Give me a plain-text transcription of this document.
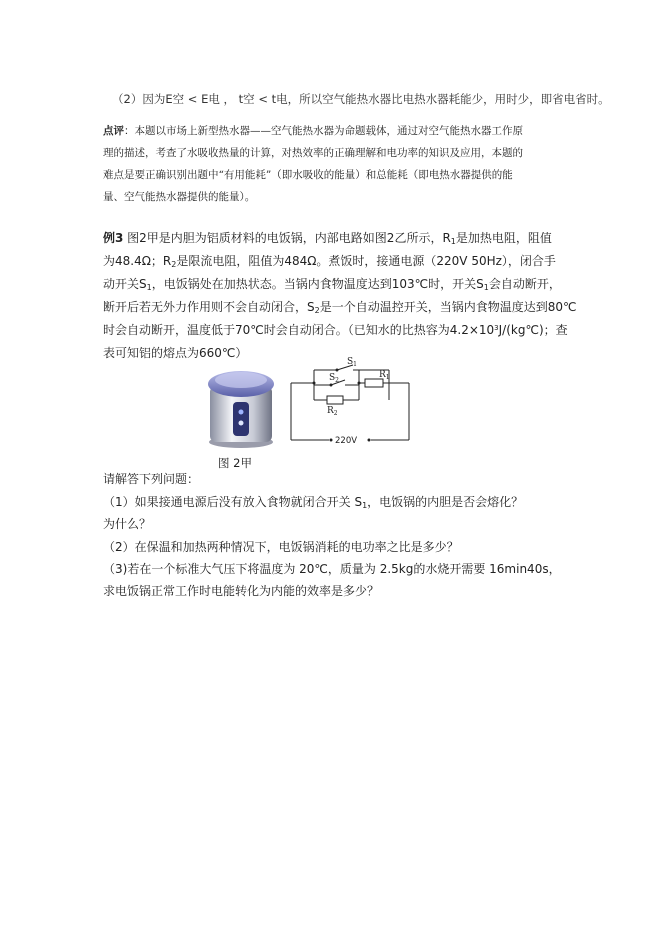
（2）因为E空 < E电 ， t空 < t电，所以空气能热水器比电热水器耗能少，用时少，即省电省时。
点评：本题以市场上新型热水器——空气能热水器为命题载体，通过对空气能热水器工作原
理的描述，考查了水吸收热量的计算，对热效率的正确理解和电功率的知识及应用，本题的
难点是要正确识别出题中“有用能耗”（即水吸收的能量）和总能耗（即电热水器提供的能
量、空气能热水器提供的能量）。
例3 图2甲是内胆为铝质材料的电饭锅，内部电路如图2乙所示，$R_1$是加热电阻，阻值
为48.4Ω；$R_2$是限流电阻，阻值为484Ω。煮饭时，接通电源（220V 50Hz），闭合手
动开关$S_1$，电饭锅处在加热状态。当锅内食物温度达到103℃时，开关$S_1$会自动断开，
断开后若无外力作用则不会自动闭合，$S_2$是一个自动温控开关，当锅内食物温度达到80℃
时会自动断开，温度低于70℃时会自动闭合。（已知水的比热容为$4.2\times 10^3J/(kg℃)$；查
表可知铝的熔点为660℃）
$S_1$
$S_2$
$R_1$
$R_2$
220V
图 2甲
请解答下列问题：
（1）如果接通电源后没有放入食物就闭合开关 $S_1$，电饭锅的内胆是否会熔化？
为什么？
（2）在保温和加热两种情况下，电饭锅消耗的电功率之比是多少？
（3)若在一个标准大气压下将温度为 20℃，质量为 2.5kg的水烧开需要 16min40s，
求电饭锅正常工作时电能转化为内能的效率是多少？
